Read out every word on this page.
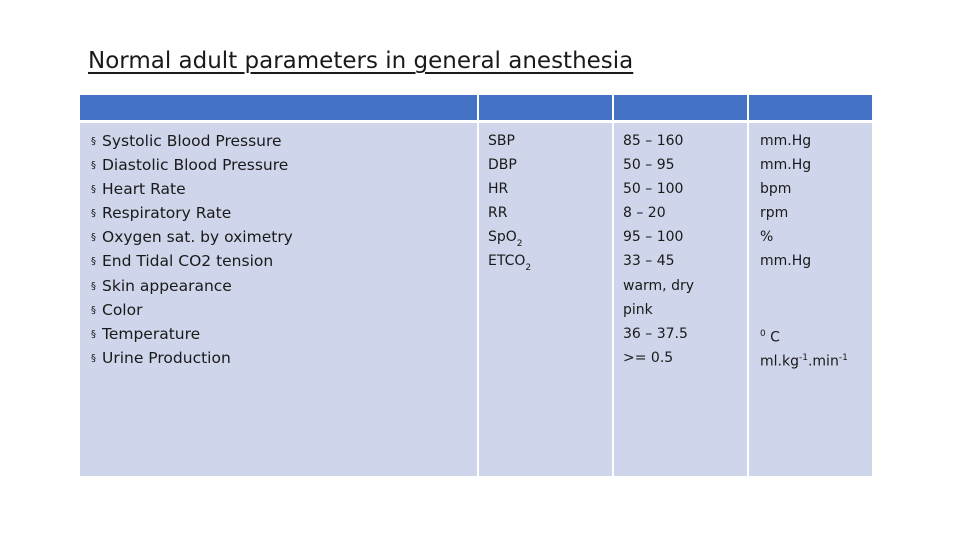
Normal adult parameters in general anesthesia
§ Systolic Blood Pressure
§ Diastolic Blood Pressure
§ Heart Rate
§ Respiratory Rate
§ Oxygen sat. by oximetry
§ End Tidal CO2 tension
§ Skin appearance
§ Color
§ Temperature
§ Urine Production
SBP
DBP
HR
RR
SpO$_2$
$ETCO_2$
85 – 160
50 – 95
50 – 100
8 – 20
95 – 100
33 – 45
warm, dry
pink
36 – 37.5
>= 0.5
mm.Hg
mm.Hg
bpm
rpm
%
mm.Hg
$^0$ C
$ml.kg^{-1}.\min^{-1}$
